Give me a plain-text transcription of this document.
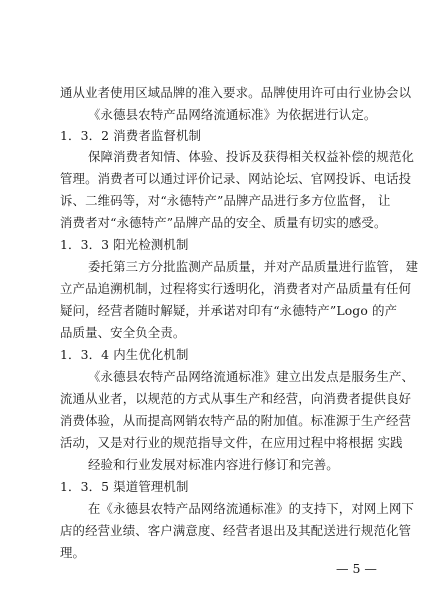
通从业者使用区域品牌的准入要求。品牌使用许可由行业协会以
《永德县农特产品网络流通标准》为依据进行认定。
1．3．2 消费者监督机制
保障消费者知情、体验、投诉及获得相关权益补偿的规范化
管理。消费者可以通过评价记录、网站论坛、官网投诉、电话投
诉、二维码等，对“永德特产”品牌产品进行多方位监督， 让
消费者对“永德特产”品牌产品的安全、质量有切实的感受。
1．3．3 阳光检测机制
委托第三方分批监测产品质量，并对产品质量进行监管， 建
立产品追溯机制，过程将实行透明化，消费者对产品质量有任何
疑问，经营者随时解疑，并承诺对印有“永德特产”Logo 的产
品质量、安全负全责。
1．3．4 内生优化机制
《永德县农特产品网络流通标准》建立出发点是服务生产、
流通从业者，以规范的方式从事生产和经营，向消费者提供良好
消费体验，从而提高网销农特产品的附加值。标准源于生产经营
活动，又是对行业的规范指导文件，在应用过程中将根据 实践
经验和行业发展对标准内容进行修订和完善。
1．3．5 渠道管理机制
在《永德县农特产品网络流通标准》的支持下，对网上网下
店的经营业绩、客户满意度、经营者退出及其配送进行规范化管
理。
— 5 —
